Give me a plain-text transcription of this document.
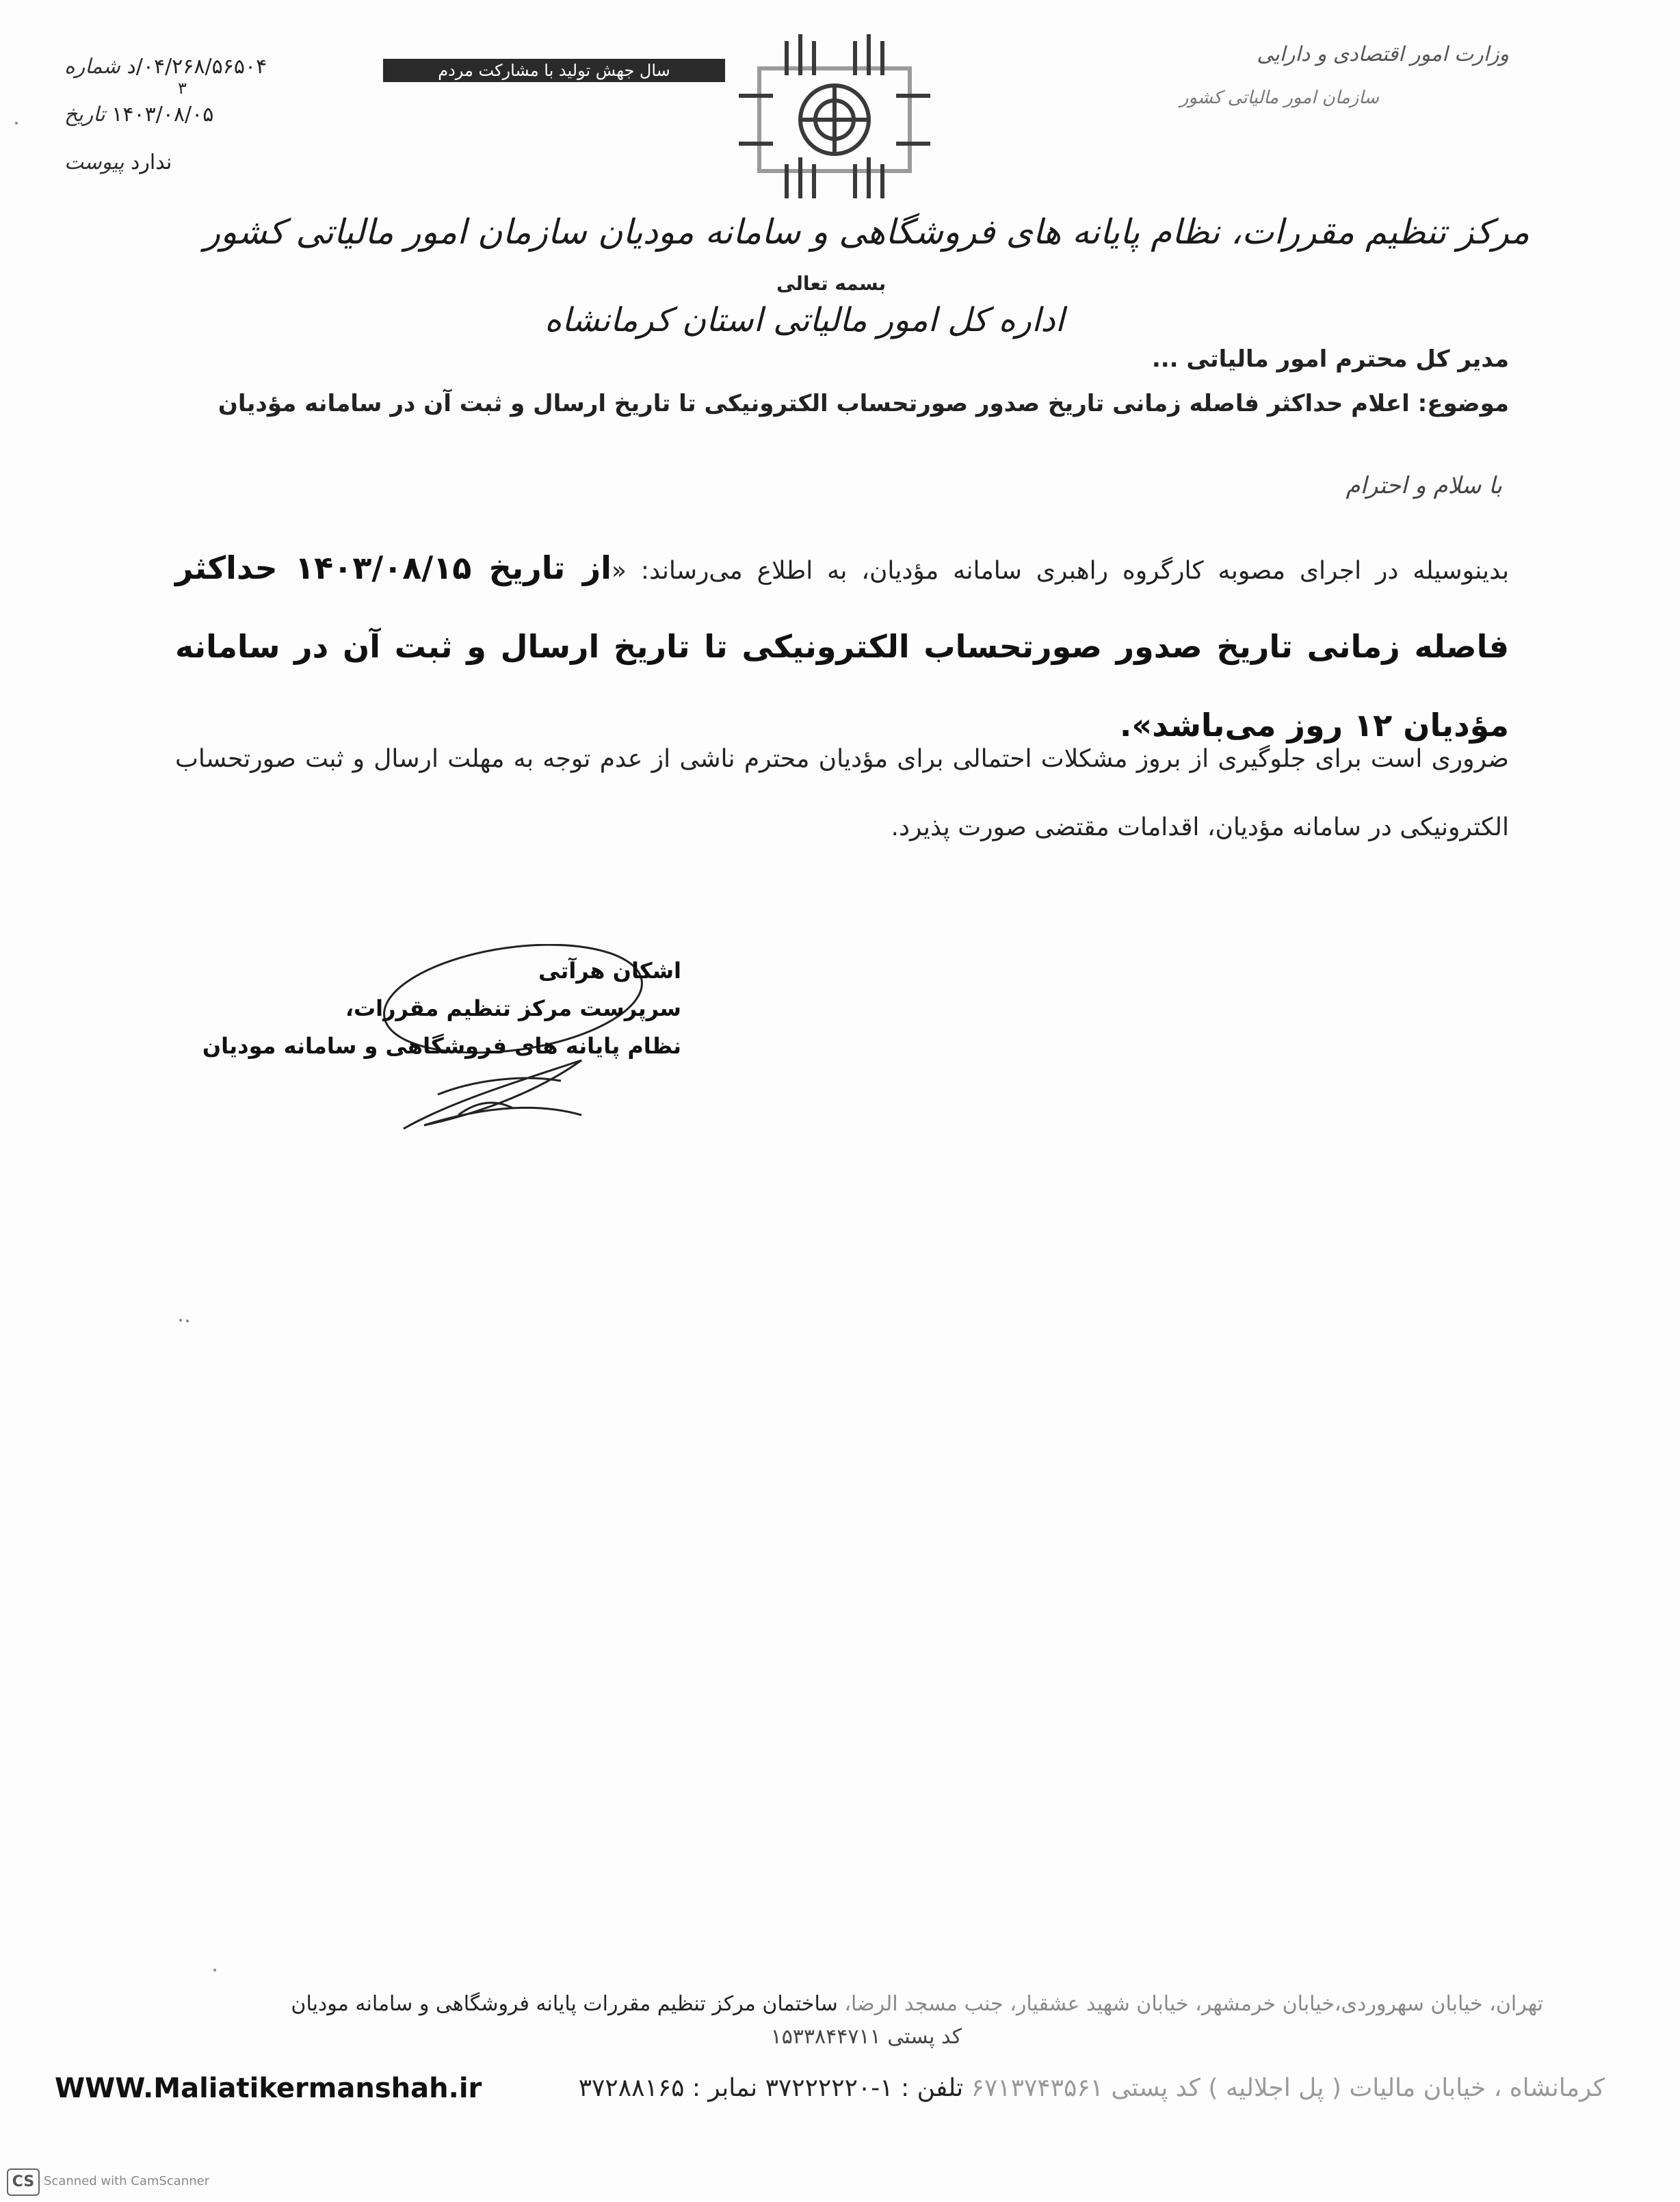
۰۴/۲۶۸/۵۶۵۰۴/د شماره
۳
۱۴۰۳/۰۸/۰۵ تاریخ
ندارد پیوست
سال جهش تولید با مشارکت مردم
وزارت امور اقتصادی و دارایی
سازمان امور مالیاتی کشور
مرکز تنظیم مقررات، نظام پایانه های فروشگاهی و سامانه مودیان سازمان امور مالیاتی کشور
بسمه تعالی
اداره کل امور مالیاتی استان کرمانشاه
مدیر کل محترم امور مالیاتی ...
موضوع: اعلام حداکثر فاصله زمانی تاریخ صدور صورتحساب الکترونیکی تا تاریخ ارسال و ثبت آن در سامانه مؤدیان
با سلام و احترام
بدینوسیله در اجرای مصوبه کارگروه راهبری سامانه مؤدیان، به اطلاع می‌رساند: «از تاریخ ۱۴۰۳/۰۸/۱۵ حداکثر فاصله زمانی تاریخ صدور صورتحساب الکترونیکی تا تاریخ ارسال و ثبت آن در سامانه مؤدیان ۱۲ روز می‌باشد».
ضروری است برای جلوگیری از بروز مشکلات احتمالی برای مؤدیان محترم ناشی از عدم توجه به مهلت ارسال و ثبت صورتحساب الکترونیکی در سامانه مؤدیان، اقدامات مقتضی صورت پذیرد.
اشکان هرآتی
سرپرست مرکز تنظیم مقررات،
نظام پایانه های فروشگاهی و سامانه مودیان
تهران، خیابان سهروردی،خیابان خرمشهر، خیابان شهید عشقیار، جنب مسجد الرضا، ساختمان مرکز تنظیم مقررات پایانه فروشگاهی و سامانه مودیان
کد پستی ۱۵۳۳۸۴۴۷۱۱
WWW.Maliatikermanshah.ir	کرمانشاه ، خیابان مالیات ( پل اجلالیه ) کد پستی ۶۷۱۳۷۴۳۵۶۱ تلفن : ۱-۳۷۲۲۲۲۲۰ نمابر : ۳۷۲۸۸۱۶۵
CS Scanned with CamScanner
